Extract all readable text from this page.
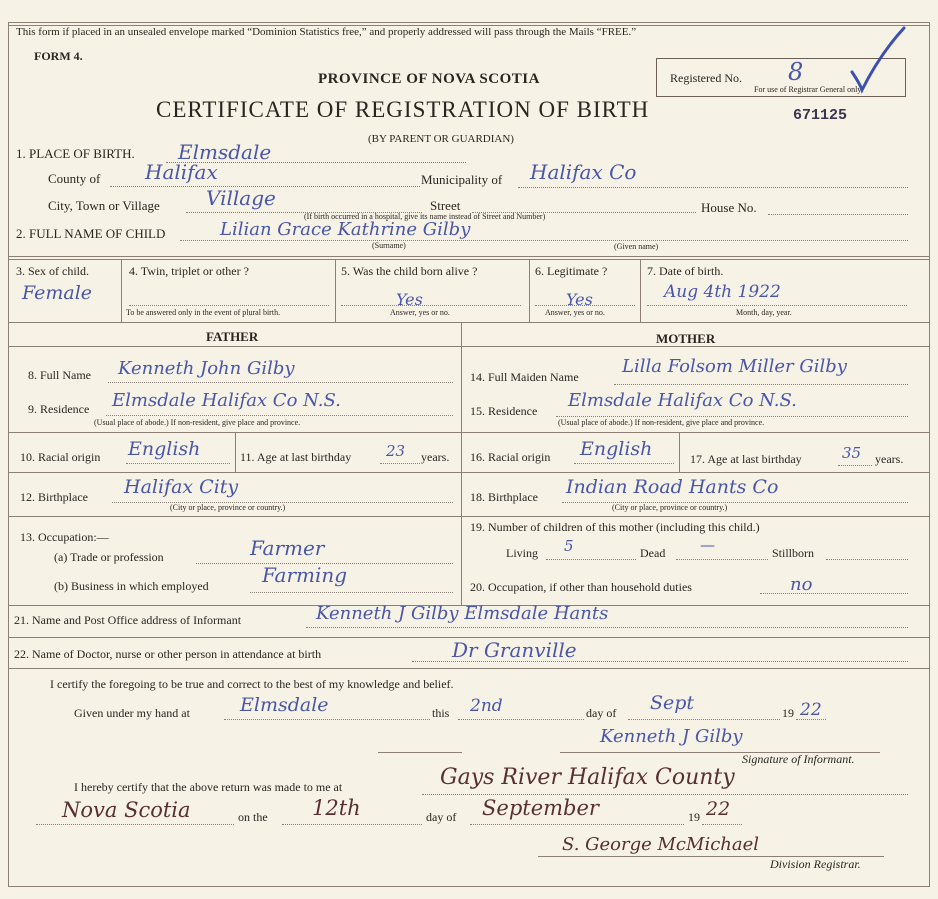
This form if placed in an unsealed envelope marked “Dominion Statistics free,” and properly addressed will pass through the Mails “FREE.”
FORM 4.
PROVINCE OF NOVA SCOTIA
CERTIFICATE OF REGISTRATION OF BIRTH
(BY PARENT OR GUARDIAN)
Registered No. 8
For use of Registrar General only.
671125
1. PLACE OF BIRTH. Elmsdale
County of Halifax	Municipality of Halifax Co
City, Town or Village Village	Street	House No.
(If birth occurred in a hospital, give its name instead of Street and Number)
2. FULL NAME OF CHILD	Lilian Grace Kathrine Gilby
(Surname)	(Given name)
3. Sex of child.
Female
4. Twin, triplet or other ?
To be answered only in the event of plural birth.
5. Was the child born alive ?
Yes
Answer, yes or no.
6. Legitimate ?
Yes
Answer, yes or no.
7. Date of birth.
Aug 4th 1922
Month, day, year.
FATHER	MOTHER
8. Full Name Kenneth John Gilby
9. Residence Elmsdale Halifax Co N.S.
(Usual place of abode.) If non-resident, give place and province.
10. Racial origin English	11. Age at last birthday 23 years.
12. Birthplace Halifax City
(City or place, province or country.)
13. Occupation:—
(a) Trade or profession	Farmer
(b) Business in which employed	Farming
14. Full Maiden Name Lilla Folsom Miller Gilby
15. Residence Elmsdale Halifax Co N.S.
(Usual place of abode.) If non-resident, give place and province.
16. Racial origin English	17. Age at last birthday	35 years.
18. Birthplace Indian Road Hants Co
(City or place, province or country.)
19. Number of children of this mother (including this child.)
Living 5	Dead —	Stillborn
20. Occupation, if other than household duties	no
21. Name and Post Office address of Informant	Kenneth J Gilby Elmsdale Hants
22. Name of Doctor, nurse or other person in attendance at birth	Dr Granville
I certify the foregoing to be true and correct to the best of my knowledge and belief.
Given under my hand at	Elmsdale	this 2nd	day of Sept	19 22
Kenneth J Gilby
Signature of Informant.
I hereby certify that the above return was made to me at	Gays River Halifax County
Nova Scotia	on the 12th	day of September	19 22
S. George McMichael
Division Registrar.
